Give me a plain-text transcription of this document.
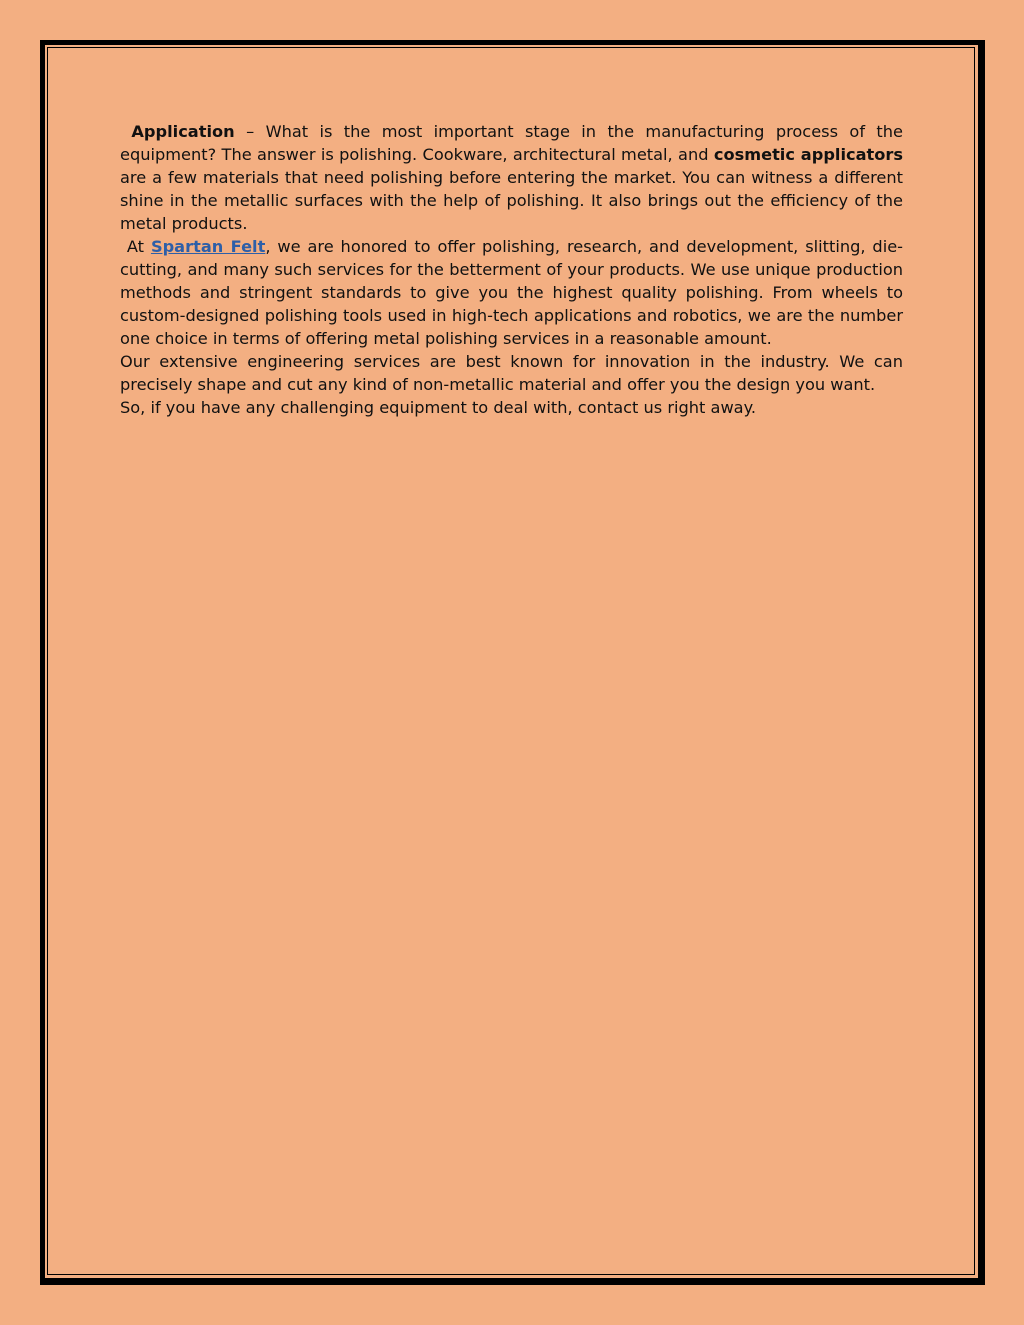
Application – What is the most important stage in the manufacturing process of the equipment? The answer is polishing. Cookware, architectural metal, and cosmetic applicators are a few materials that need polishing before entering the market. You can witness a different shine in the metallic surfaces with the help of polishing. It also brings out the efficiency of the metal products.

At Spartan Felt, we are honored to offer polishing, research, and development, slitting, die-cutting, and many such services for the betterment of your products. We use unique production methods and stringent standards to give you the highest quality polishing. From wheels to custom-designed polishing tools used in high-tech applications and robotics, we are the number one choice in terms of offering metal polishing services in a reasonable amount.

Our extensive engineering services are best known for innovation in the industry. We can precisely shape and cut any kind of non-metallic material and offer you the design you want.

So, if you have any challenging equipment to deal with, contact us right away.
